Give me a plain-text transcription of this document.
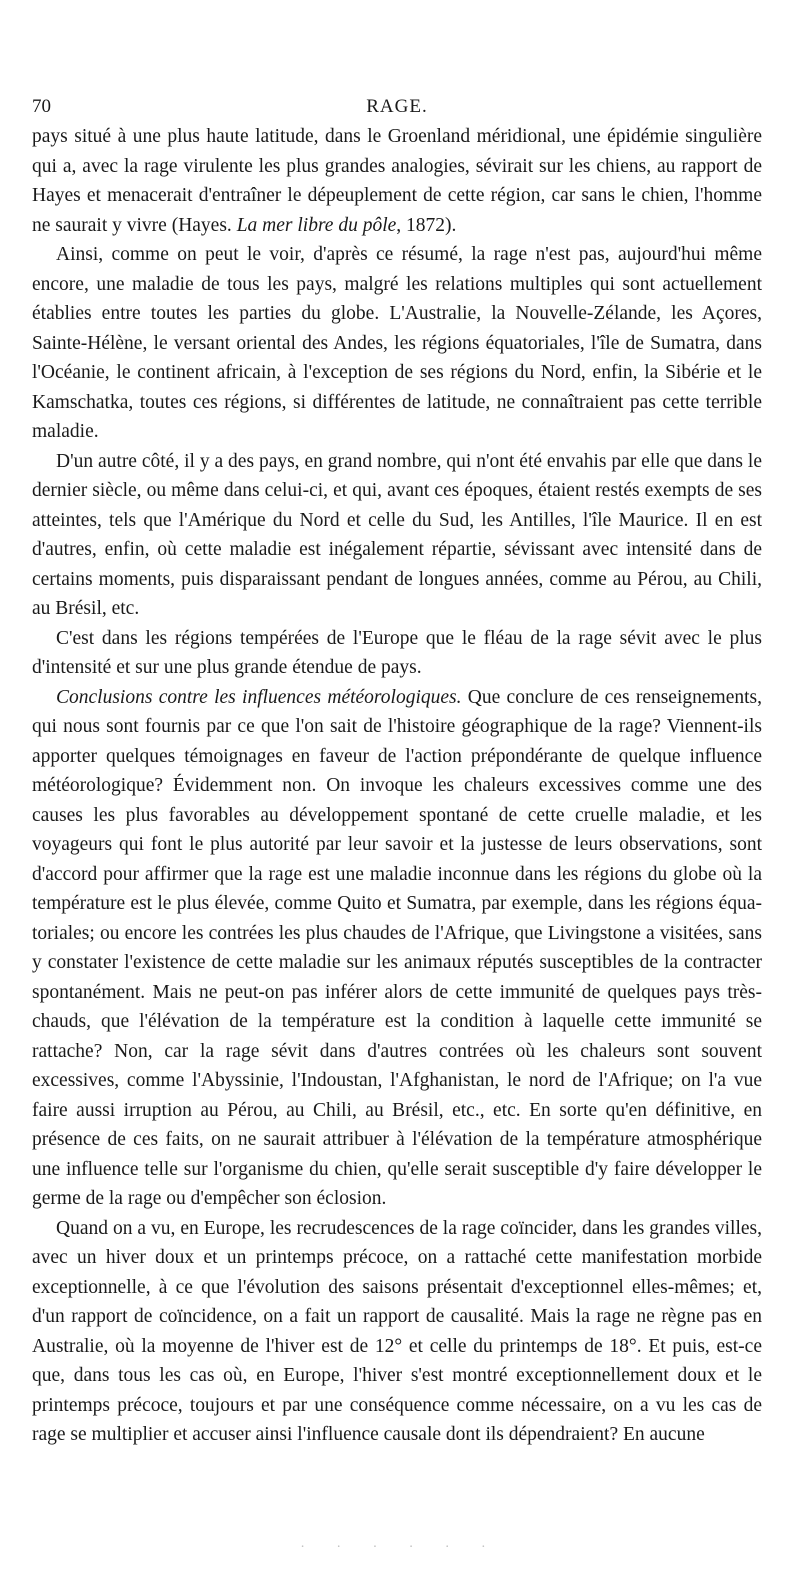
70	RAGE.

pays situé à une plus haute latitude, dans le Groenland méridional, une épidémie singulière qui a, avec la rage virulente les plus grandes analogies, sévirait sur les chiens, au rapport de Hayes et menacerait d'entraîner le dépeuplement de cette région, car sans le chien, l'homme ne saurait y vivre (Hayes. La mer libre du pôle, 1872).

Ainsi, comme on peut le voir, d'après ce résumé, la rage n'est pas, aujourd'hui même encore, une maladie de tous les pays, malgré les relations multiples qui sont actuellement établies entre toutes les parties du globe. L'Australie, la Nouvelle-Zélande, les Açores, Sainte-Hélène, le versant oriental des Andes, les régions équatoriales, l'île de Sumatra, dans l'Océanie, le continent africain, à l'exception de ses régions du Nord, enfin, la Sibérie et le Kamschatka, toutes ces régions, si différentes de latitude, ne connaîtraient pas cette terrible maladie.

D'un autre côté, il y a des pays, en grand nombre, qui n'ont été envahis par elle que dans le dernier siècle, ou même dans celui-ci, et qui, avant ces époques, étaient restés exempts de ses atteintes, tels que l'Amérique du Nord et celle du Sud, les Antilles, l'île Maurice. Il en est d'autres, enfin, où cette maladie est inégalement répartie, sévissant avec intensité dans de certains moments, puis disparaissant pendant de longues années, comme au Pérou, au Chili, au Brésil, etc.

C'est dans les régions tempérées de l'Europe que le fléau de la rage sévit avec le plus d'intensité et sur une plus grande étendue de pays.

Conclusions contre les influences météorologiques. Que conclure de ces renseignements, qui nous sont fournis par ce que l'on sait de l'histoire géographique de la rage? Viennent-ils apporter quelques témoignages en faveur de l'action prépondérante de quelque influence météorologique? Évidemment non. On invoque les chaleurs excessives comme une des causes les plus favorables au développement spontané de cette cruelle maladie, et les voyageurs qui font le plus autorité par leur savoir et la justesse de leurs observations, sont d'accord pour affirmer que la rage est une maladie inconnue dans les régions du globe où la température est le plus élevée, comme Quito et Sumatra, par exemple, dans les régions équatoriales; ou encore les contrées les plus chaudes de l'Afrique, que Livingstone a visitées, sans y constater l'existence de cette maladie sur les animaux réputés susceptibles de la contracter spontanément. Mais ne peut-on pas inférer alors de cette immunité de quelques pays très-chauds, que l'élévation de la température est la condition à laquelle cette immunité se rattache? Non, car la rage sévit dans d'autres contrées où les chaleurs sont souvent excessives, comme l'Abyssinie, l'Indoustan, l'Afghanistan, le nord de l'Afrique; on l'a vue faire aussi irruption au Pérou, au Chili, au Brésil, etc., etc. En sorte qu'en définitive, en présence de ces faits, on ne saurait attribuer à l'élévation de la température atmosphérique une influence telle sur l'organisme du chien, qu'elle serait susceptible d'y faire développer le germe de la rage ou d'empêcher son éclosion.

Quand on a vu, en Europe, les recrudescences de la rage coïncider, dans les grandes villes, avec un hiver doux et un printemps précoce, on a rattaché cette manifestation morbide exceptionnelle, à ce que l'évolution des saisons présentait d'exceptionnel elles-mêmes; et, d'un rapport de coïncidence, on a fait un rapport de causalité. Mais la rage ne règne pas en Australie, où la moyenne de l'hiver est de 12° et celle du printemps de 18°. Et puis, est-ce que, dans tous les cas où, en Europe, l'hiver s'est montré exceptionnellement doux et le printemps précoce, toujours et par une conséquence comme nécessaire, on a vu les cas de rage se multiplier et accuser ainsi l'influence causale dont ils dépendraient? En aucune

· · · · · ·
